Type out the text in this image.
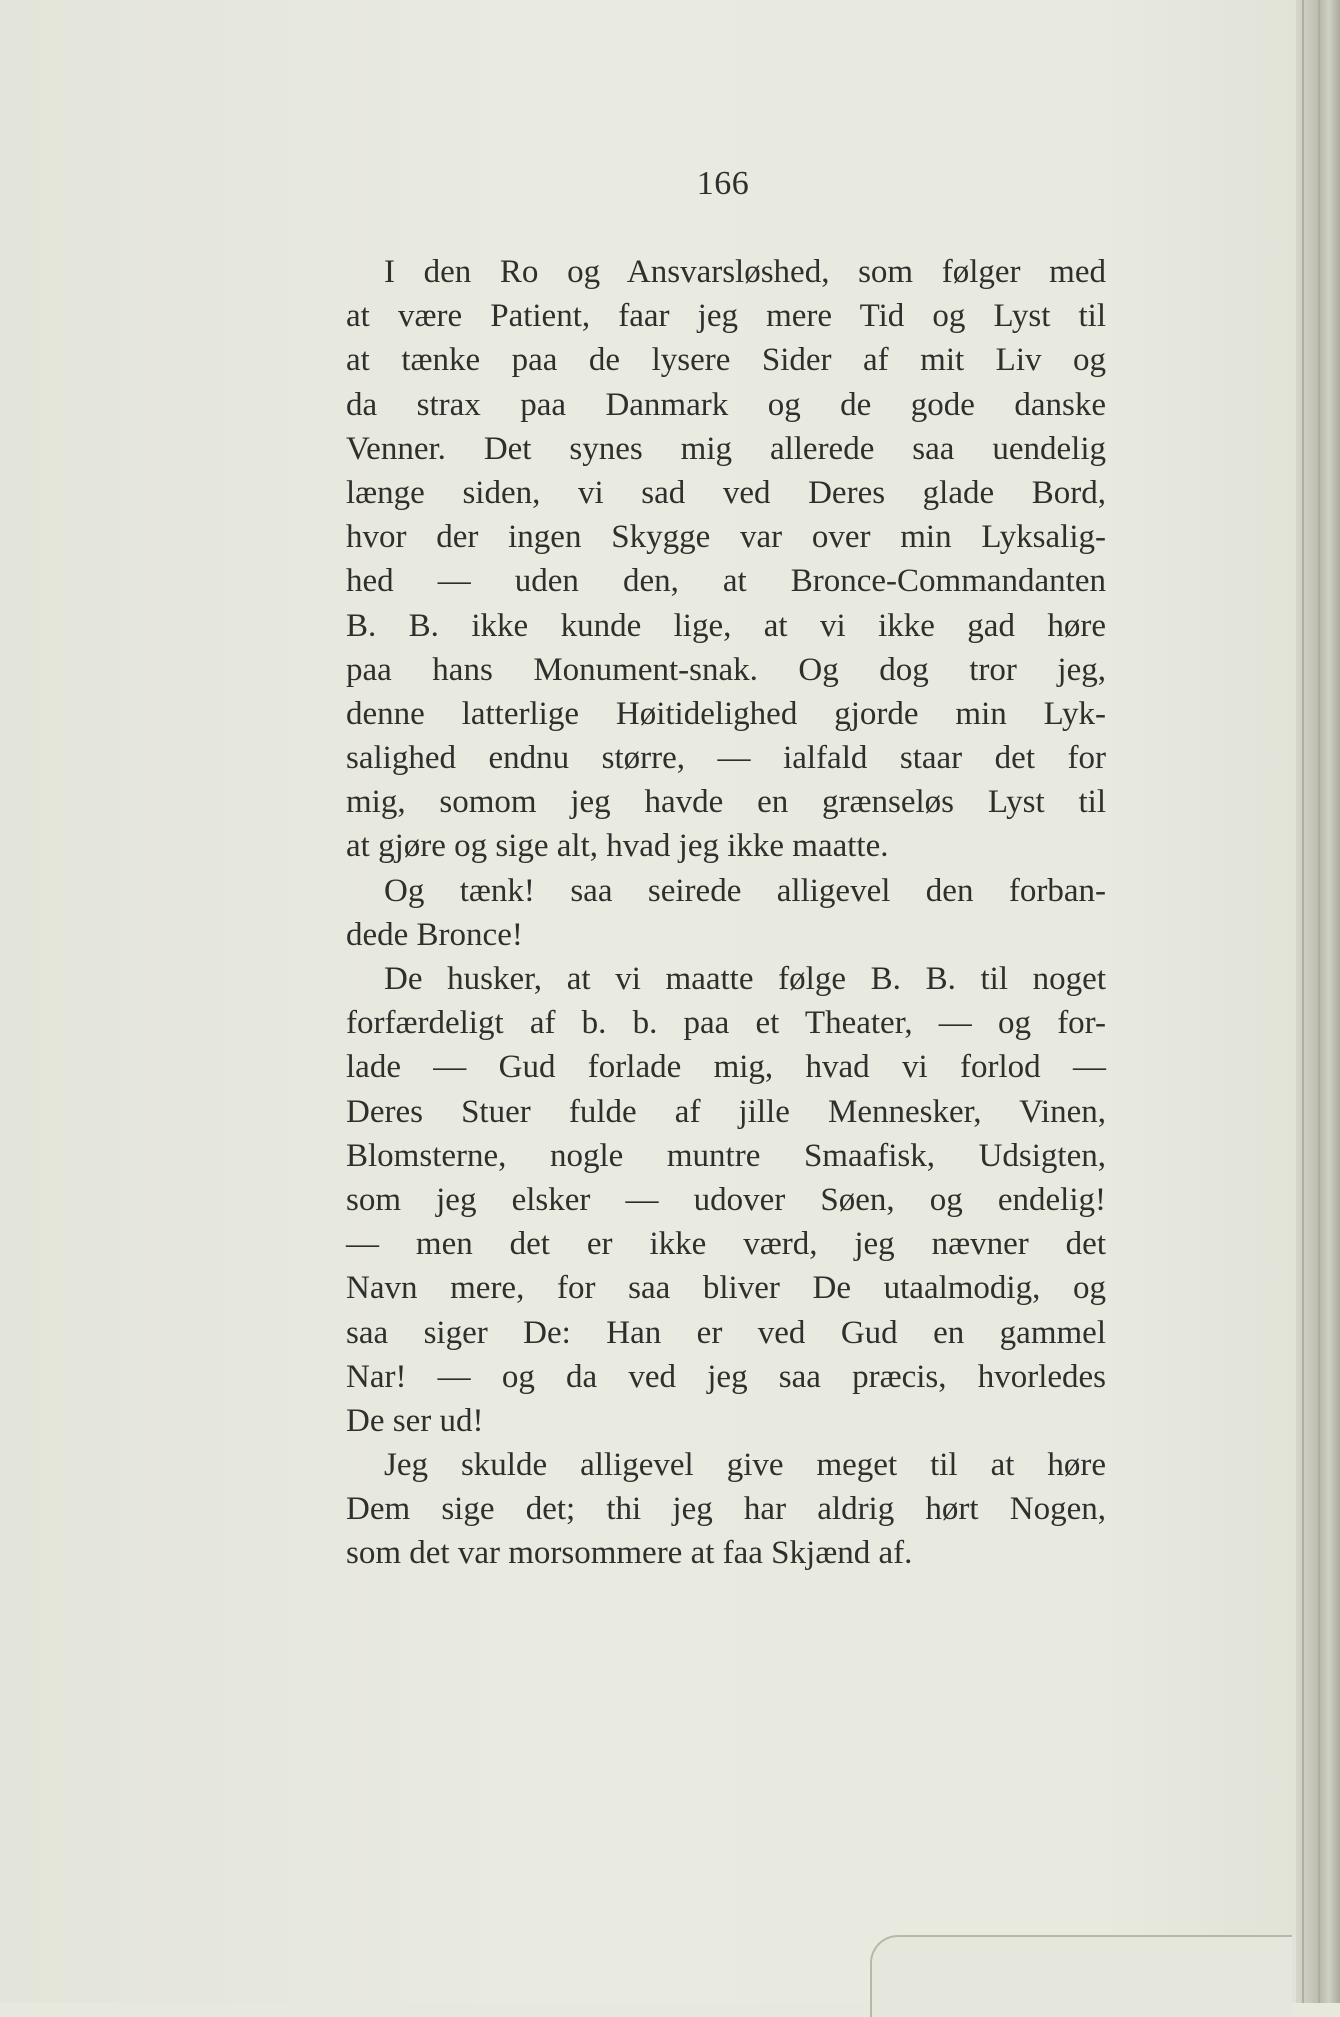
166
I den Ro og Ansvarsløshed, som følger med
at være Patient, faar jeg mere Tid og Lyst til
at tænke paa de lysere Sider af mit Liv og
da strax paa Danmark og de gode danske
Venner. Det synes mig allerede saa uendelig
længe siden, vi sad ved Deres glade Bord,
hvor der ingen Skygge var over min Lyksalig-
hed — uden den, at Bronce-Commandanten
B. B. ikke kunde lige, at vi ikke gad høre
paa hans Monument-snak. Og dog tror jeg,
denne latterlige Høitidelighed gjorde min Lyk-
salighed endnu større, — ialfald staar det for
mig, somom jeg havde en grænseløs Lyst til
at gjøre og sige alt, hvad jeg ikke maatte.
Og tænk! saa seirede alligevel den forban-
dede Bronce!
De husker, at vi maatte følge B. B. til noget
forfærdeligt af b. b. paa et Theater, — og for-
lade — Gud forlade mig, hvad vi forlod —
Deres Stuer fulde af jille Mennesker, Vinen,
Blomsterne, nogle muntre Smaafisk, Udsigten,
som jeg elsker — udover Søen, og endelig!
— men det er ikke værd, jeg nævner det
Navn mere, for saa bliver De utaalmodig, og
saa siger De: Han er ved Gud en gammel
Nar! — og da ved jeg saa præcis, hvorledes
De ser ud!
Jeg skulde alligevel give meget til at høre
Dem sige det; thi jeg har aldrig hørt Nogen,
som det var morsommere at faa Skjænd af.
